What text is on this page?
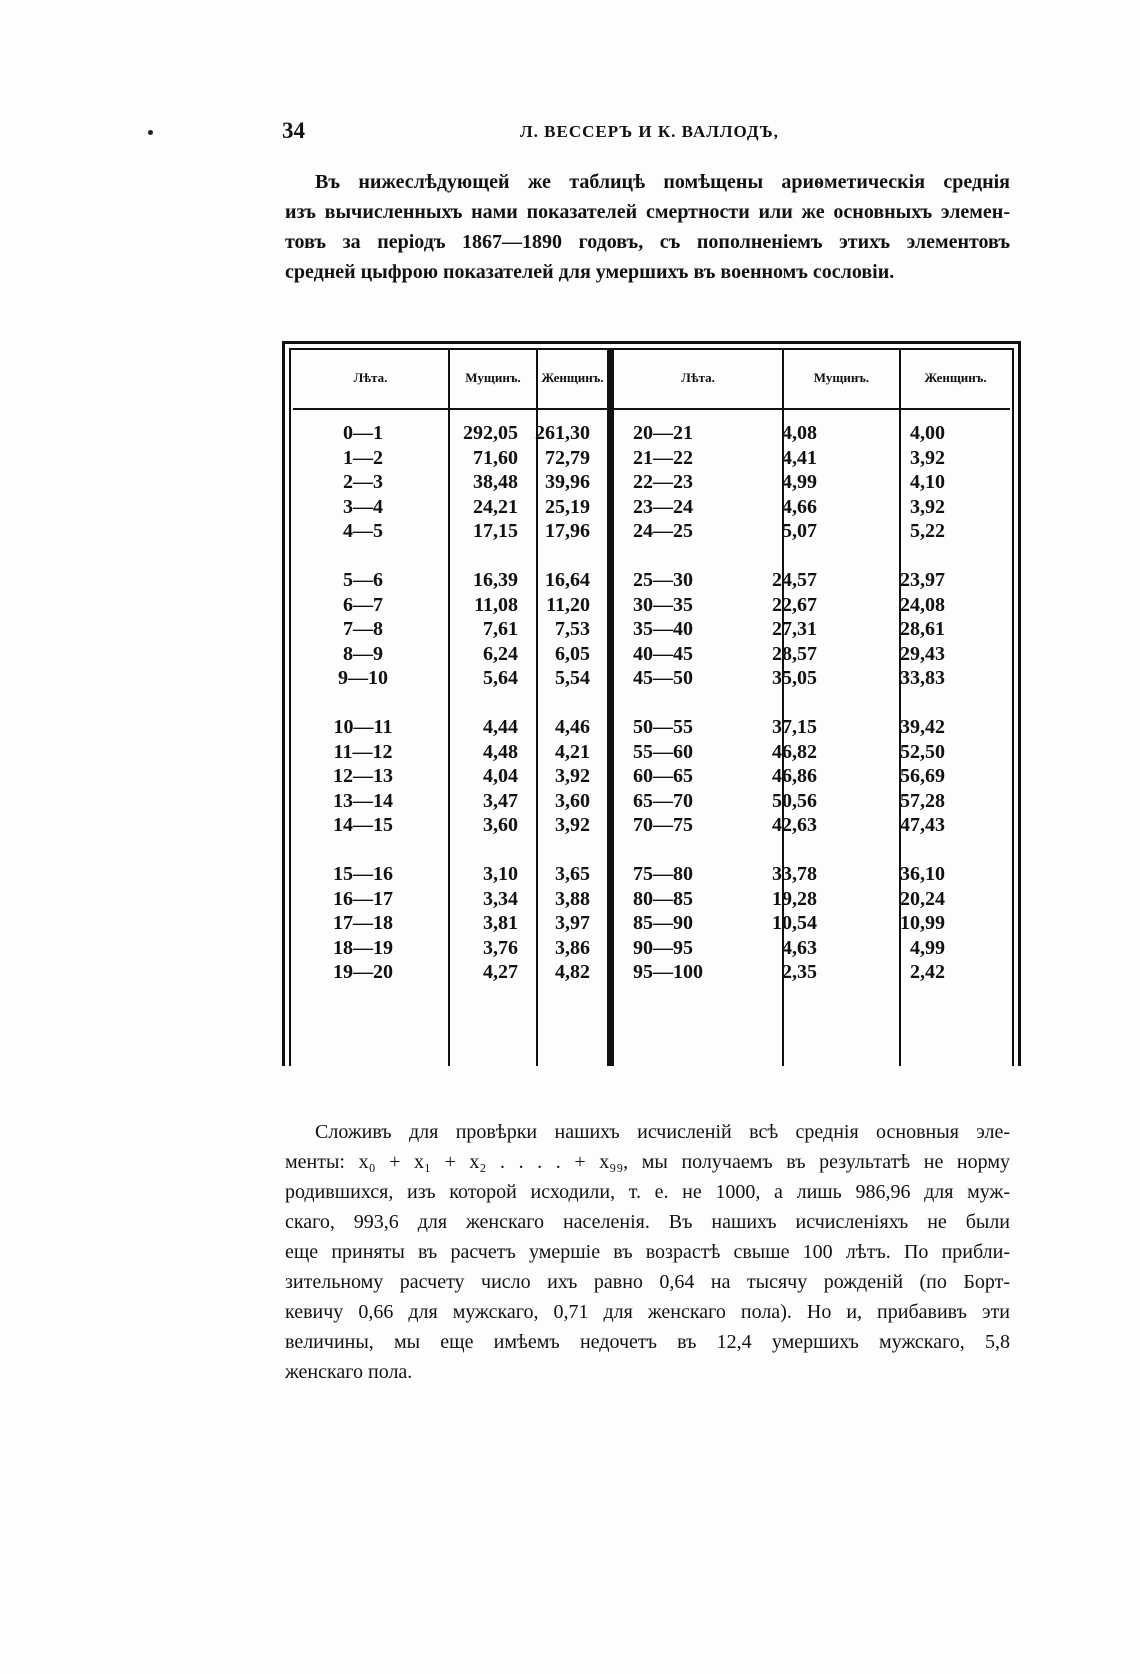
34	Л. ВЕССЕРЪ И К. ВАЛЛОДЪ,
Въ нижеслѣдующей же таблицѣ помѣщены ариѳметическія среднія
изъ вычисленныхъ нами показателей смертности или же основныхъ элемен-
товъ за періодъ 1867—1890 годовъ, съ пополненіемъ этихъ элементовъ
средней цыфрою показателей для умершихъ въ военномъ сословіи.
Лѣта.	Мущинъ.	Женщинъ.	Лѣта.	Мущинъ.	Женщинъ.
0—1	292,05 261,30 20—21	4,08	4,00
1—2	71,60 72,79 21—22	4,41	3,92
2—3	38,48 39,96 22—23	4,99	4,10
3—4	24,21 25,19 23—24	4,66	3,92
4—5	17,15 17,96 24—25	5,07	5,22
5—6	16,39 16,64 25—30	24,57	23,97
6—7	11,08 11,20 30—35	22,67	24,08
7—8	7,61 7,53 35—40	27,31	28,61
8—9	6,24 6,05 40—45	28,57	29,43
9—10	5,64 5,54 45—50	35,05	33,83
10—11	4,44 4,46 50—55	37,15	39,42
11—12	4,48 4,21 55—60	46,82	52,50
12—13	4,04 3,92 60—65	46,86	56,69
13—14	3,47 3,60 65—70	50,56	57,28
14—15	3,60 3,92 70—75	42,63	47,43
15—16	3,10 3,65 75—80	33,78	36,10
16—17	3,34 3,88 80—85	19,28	20,24
17—18	3,81 3,97 85—90	10,54	10,99
18—19	3,76 3,86 90—95	4,63	4,99
19—20	4,27 4,82 95—100	2,35	2,42
Сложивъ для провѣрки нашихъ исчисленій всѣ среднія основныя эле-
менты: x₀ + x₁ + x₂ . . . . + x₉₉, мы получаемъ въ результатѣ не норму
родившихся, изъ которой исходили, т. е. не 1000, а лишь 986,96 для муж-
скаго, 993,6 для женскаго населенія. Въ нашихъ исчисленіяхъ не были
еще приняты въ расчетъ умершіе въ возрастѣ свыше 100 лѣтъ. По прибли-
зительному расчету число ихъ равно 0,64 на тысячу рожденій (по Борт-
кевичу 0,66 для мужскаго, 0,71 для женскаго пола). Но и, прибавивъ эти
величины, мы еще имѣемъ недочетъ въ 12,4 умершихъ мужскаго, 5,8
женскаго пола.
